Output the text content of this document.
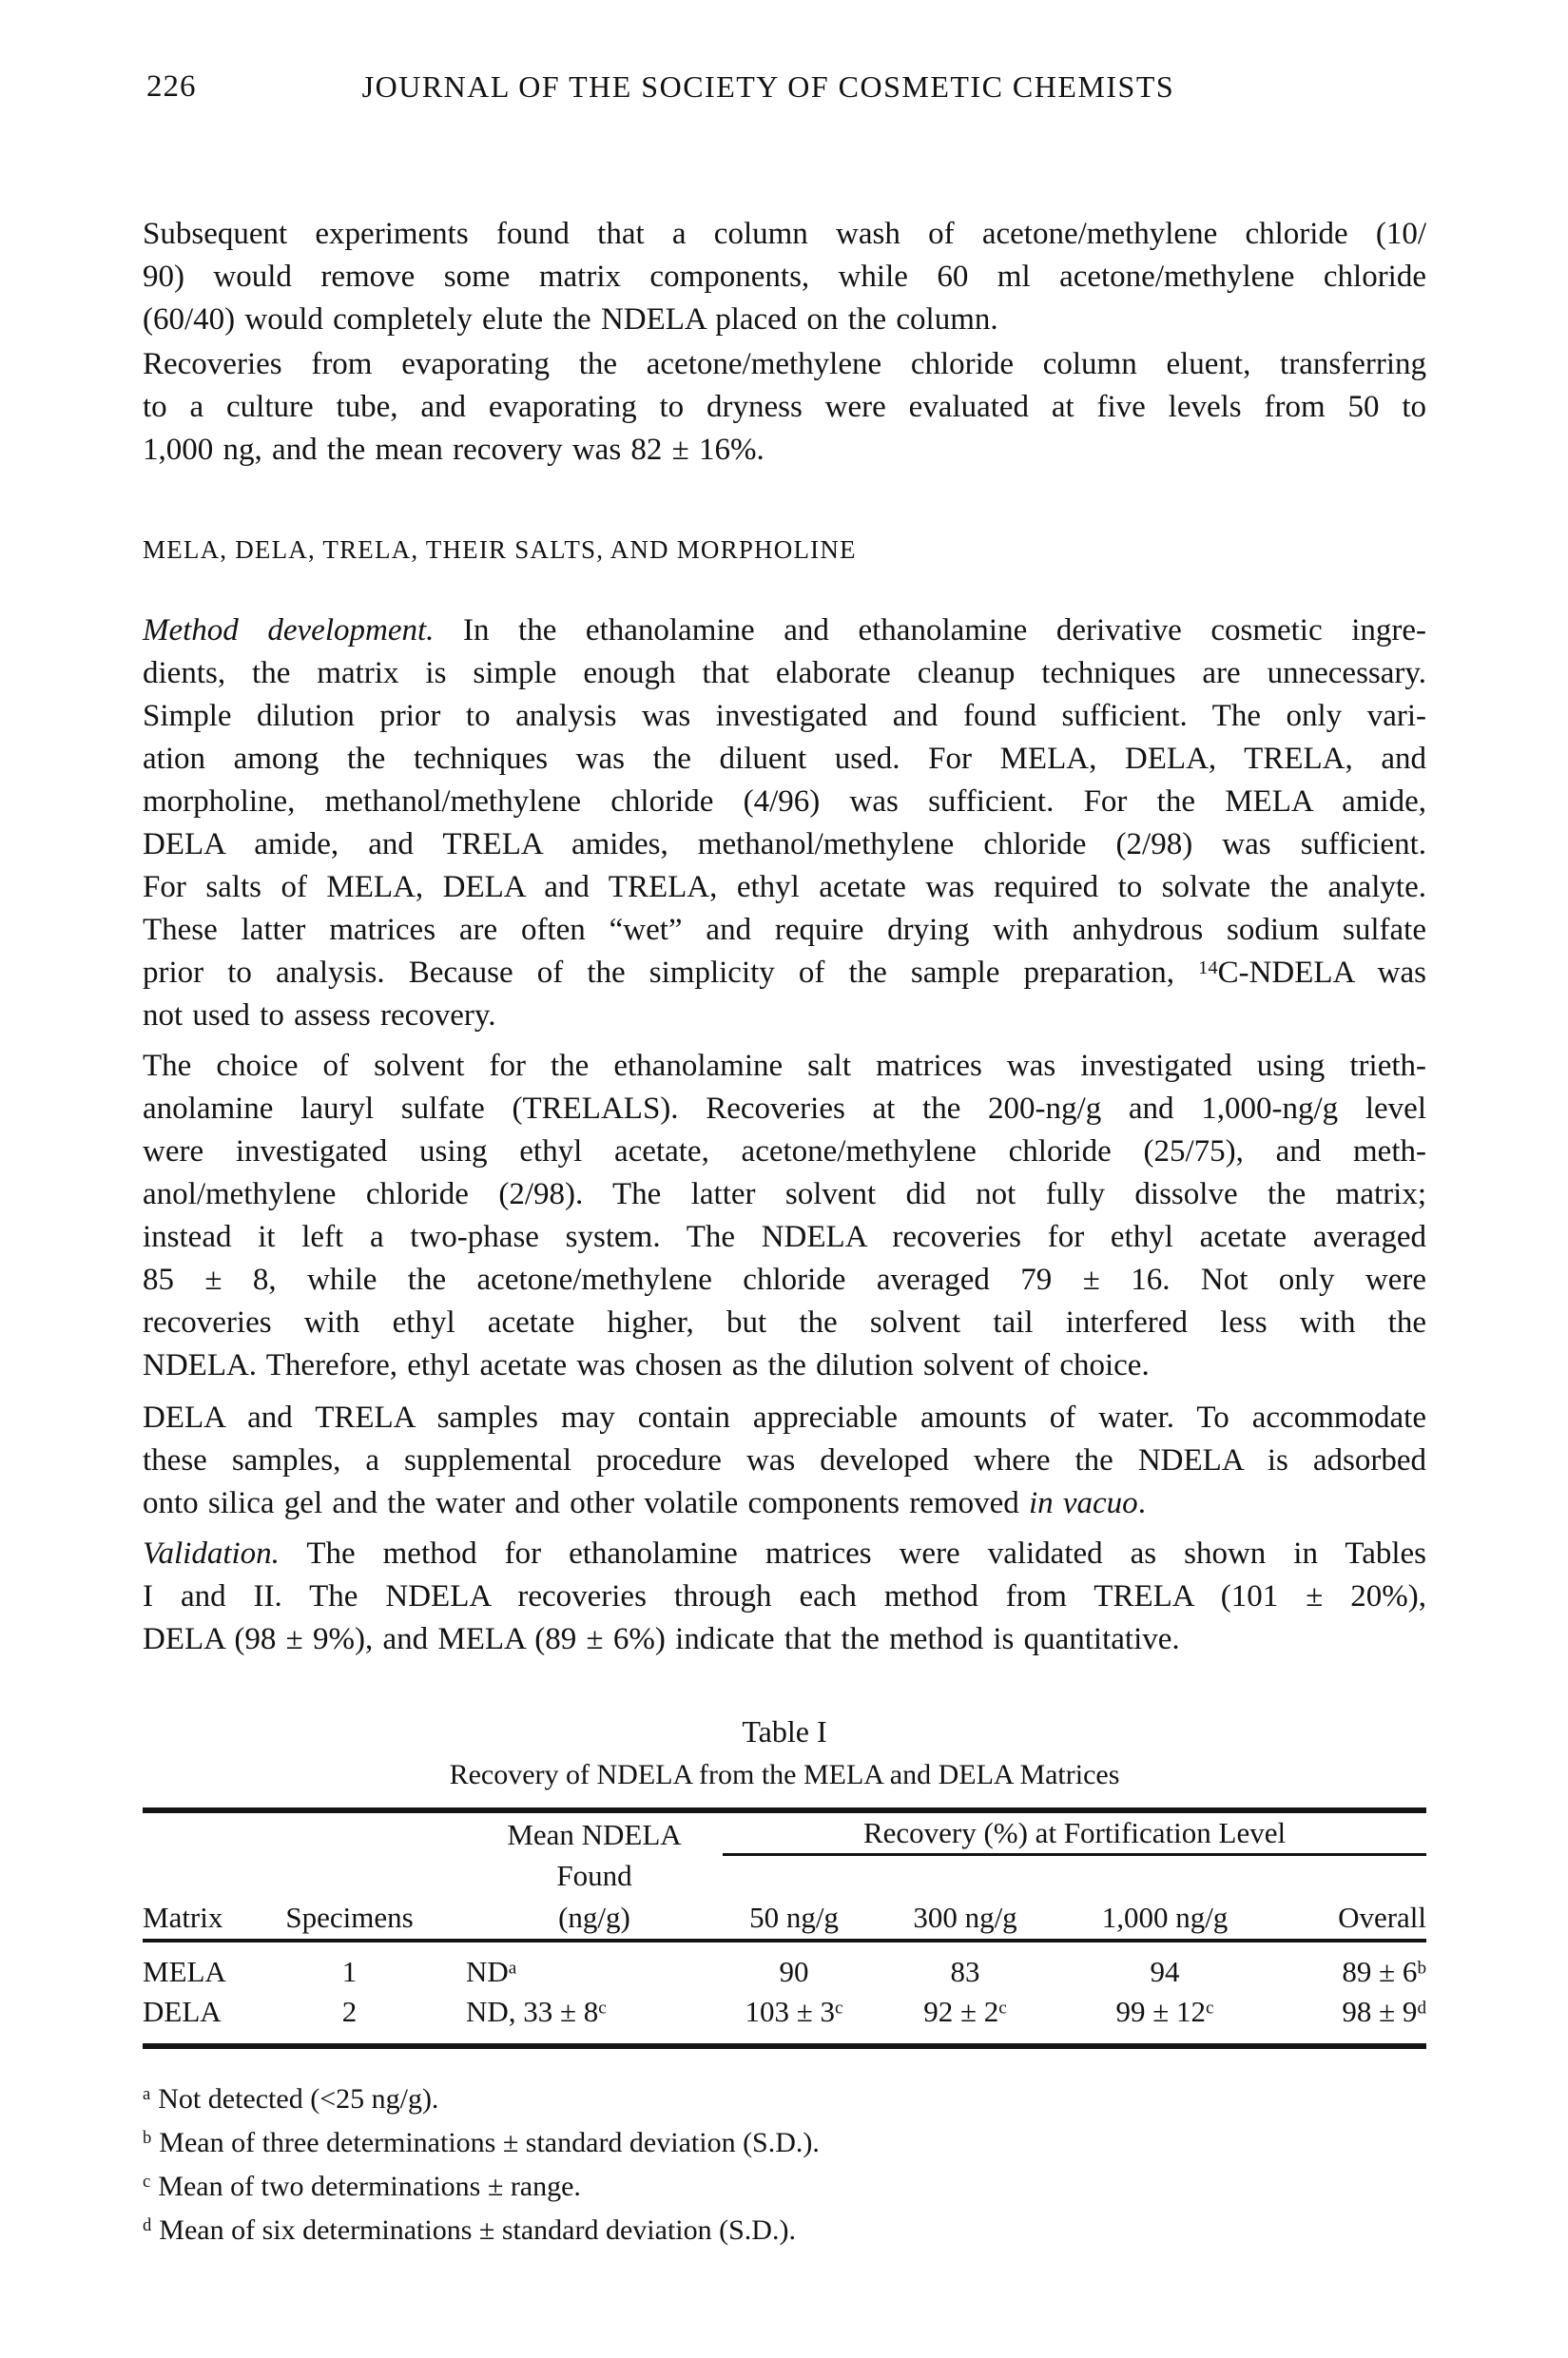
226	JOURNAL OF THE SOCIETY OF COSMETIC CHEMISTS
Subsequent experiments found that a column wash of acetone/methylene chloride (10/
90) would remove some matrix components, while 60 ml acetone/methylene chloride
(60/40) would completely elute the NDELA placed on the column.
Recoveries from evaporating the acetone/methylene chloride column eluent, transferring
to a culture tube, and evaporating to dryness were evaluated at five levels from 50 to
1,000 ng, and the mean recovery was 82 ± 16%.
MELA, DELA, TRELA, THEIR SALTS, AND MORPHOLINE
Method development. In the ethanolamine and ethanolamine derivative cosmetic ingre-
dients, the matrix is simple enough that elaborate cleanup techniques are unnecessary.
Simple dilution prior to analysis was investigated and found sufficient. The only vari-
ation among the techniques was the diluent used. For MELA, DELA, TRELA, and
morpholine, methanol/methylene chloride (4/96) was sufficient. For the MELA amide,
DELA amide, and TRELA amides, methanol/methylene chloride (2/98) was sufficient.
For salts of MELA, DELA and TRELA, ethyl acetate was required to solvate the analyte.
These latter matrices are often “wet” and require drying with anhydrous sodium sulfate
prior to analysis. Because of the simplicity of the sample preparation, $^{14}$C-NDELA was
not used to assess recovery.
The choice of solvent for the ethanolamine salt matrices was investigated using trieth-
anolamine lauryl sulfate (TRELALS). Recoveries at the 200-ng/g and 1,000-ng/g level
were investigated using ethyl acetate, acetone/methylene chloride (25/75), and meth-
anol/methylene chloride (2/98). The latter solvent did not fully dissolve the matrix;
instead it left a two-phase system. The NDELA recoveries for ethyl acetate averaged
85 ± 8, while the acetone/methylene chloride averaged 79 ± 16. Not only were
recoveries with ethyl acetate higher, but the solvent tail interfered less with the
NDELA. Therefore, ethyl acetate was chosen as the dilution solvent of choice.
DELA and TRELA samples may contain appreciable amounts of water. To accommodate
these samples, a supplemental procedure was developed where the NDELA is adsorbed
onto silica gel and the water and other volatile components removed in vacuo.
Validation. The method for ethanolamine matrices were validated as shown in Tables
I and II. The NDELA recoveries through each method from TRELA (101 ± 20%),
DELA (98 ± 9%), and MELA (89 ± 6%) indicate that the method is quantitative.
Table I
Recovery of NDELA from the MELA and DELA Matrices
		Mean NDELA	Recovery (%) at Fortification Level			
		Found				
Matrix	Specimens	(ng/g)	50 ng/g	300 ng/g	1,000 ng/g	Overall
MELA	1	$ND^a$	90	83	94	$89 \pm 6^b$
DELA	2	ND, $33 \pm 8^c$	$103 \pm 3^c$	$92 \pm 2^c$	$99 \pm 12^c$	$98 \pm 9^d$
$^a$ Not detected (<25 ng/g).
$^b$ Mean of three determinations ± standard deviation (S.D.).
$^c$ Mean of two determinations ± range.
$^d$ Mean of six determinations ± standard deviation (S.D.).
